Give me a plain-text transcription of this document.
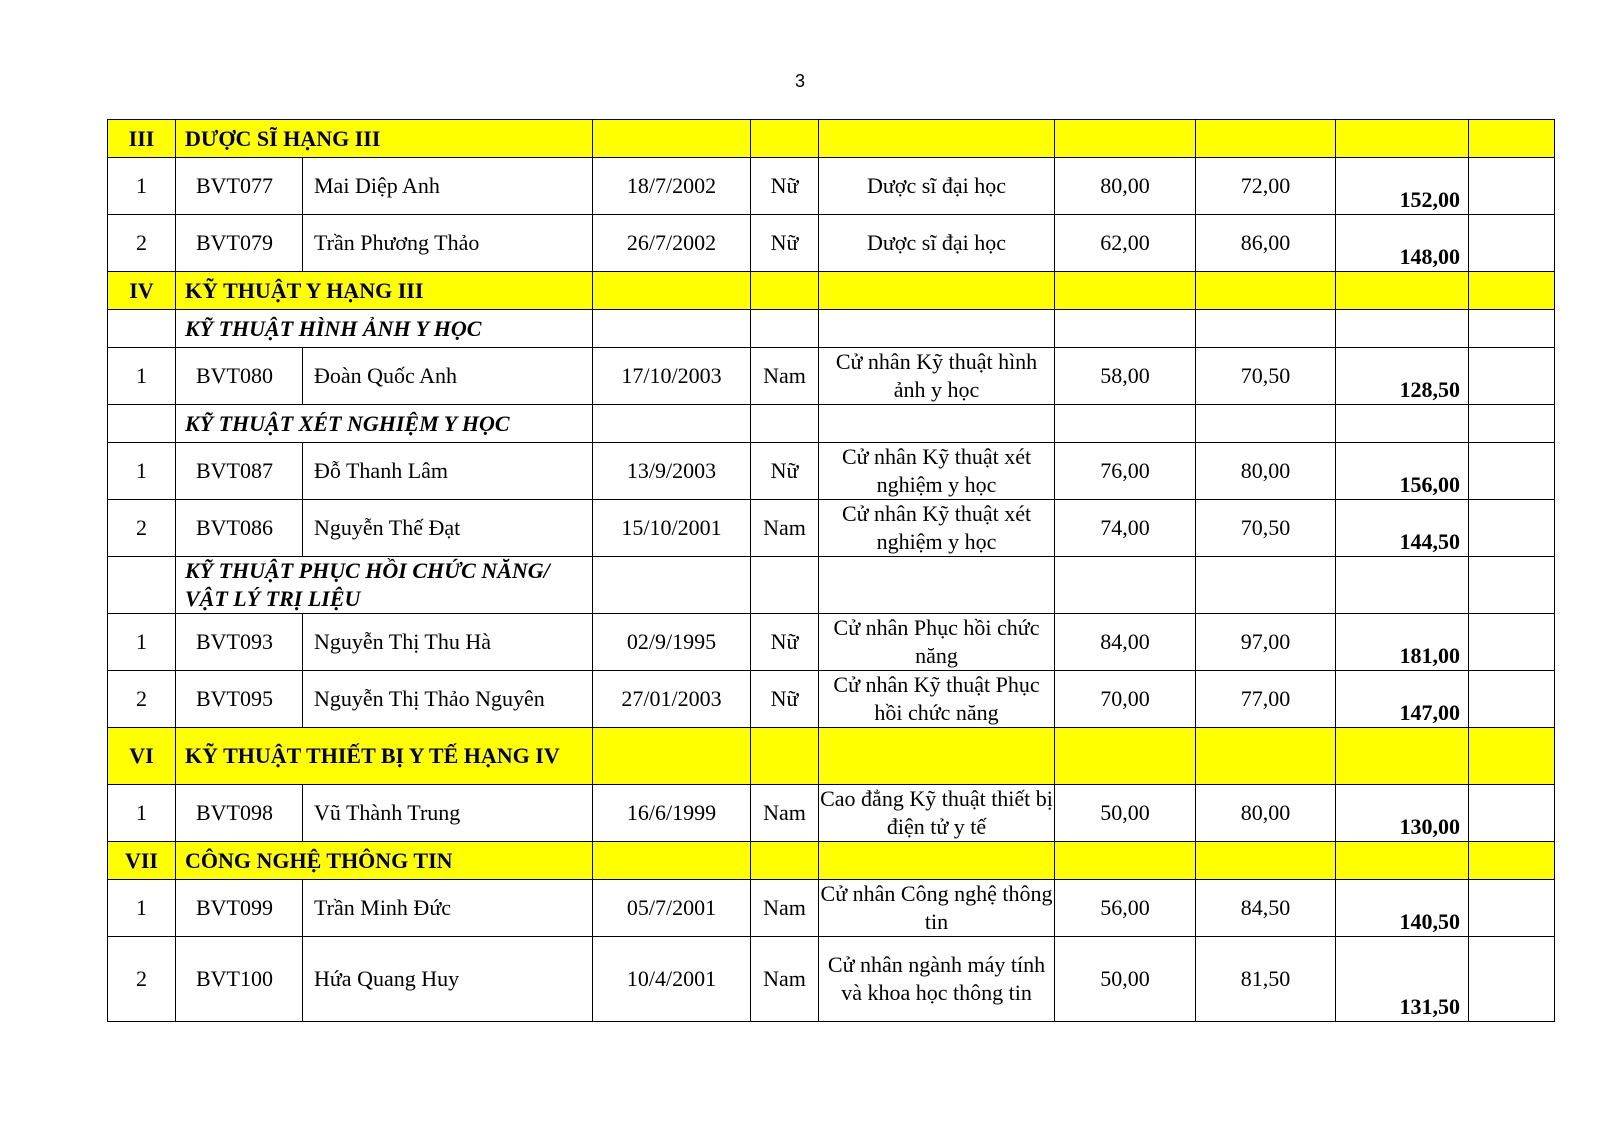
3
III	DƯỢC SĨ HẠNG III								
1	BVT077	Mai Diệp Anh	18/7/2002	Nữ	Dược sĩ đại học	80,00	72,00	152,00	
2	BVT079	Trần Phương Thảo	26/7/2002	Nữ	Dược sĩ đại học	62,00	86,00	148,00	
IV	KỸ THUẬT Y HẠNG III								
	KỸ THUẬT HÌNH ẢNH Y HỌC								
1	BVT080	Đoàn Quốc Anh	17/10/2003	Nam	Cử nhân Kỹ thuật hình ảnh y học	58,00	70,50	128,50	
	KỸ THUẬT XÉT NGHIỆM Y HỌC								
1	BVT087	Đỗ Thanh Lâm	13/9/2003	Nữ	Cử nhân Kỹ thuật xét nghiệm y học	76,00	80,00	156,00	
2	BVT086	Nguyễn Thế Đạt	15/10/2001	Nam	Cử nhân Kỹ thuật xét nghiệm y học	74,00	70,50	144,50	
	KỸ THUẬT PHỤC HỒI CHỨC NĂNG/ VẬT LÝ TRỊ LIỆU								
1	BVT093	Nguyễn Thị Thu Hà	02/9/1995	Nữ	Cử nhân Phục hồi chức năng	84,00	97,00	181,00	
2	BVT095	Nguyễn Thị Thảo Nguyên	27/01/2003	Nữ	Cử nhân Kỹ thuật Phục hồi chức năng	70,00	77,00	147,00	
VI	KỸ THUẬT THIẾT BỊ Y TẾ HẠNG IV								
1	BVT098	Vũ Thành Trung	16/6/1999	Nam	Cao đẳng Kỹ thuật thiết bị điện tử y tế	50,00	80,00	130,00	
VII	CÔNG NGHỆ THÔNG TIN								
1	BVT099	Trần Minh Đức	05/7/2001	Nam	Cử nhân Công nghệ thông tin	56,00	84,50	140,50	
2	BVT100	Hứa Quang Huy	10/4/2001	Nam	Cử nhân ngành máy tính và khoa học thông tin	50,00	81,50	131,50	
